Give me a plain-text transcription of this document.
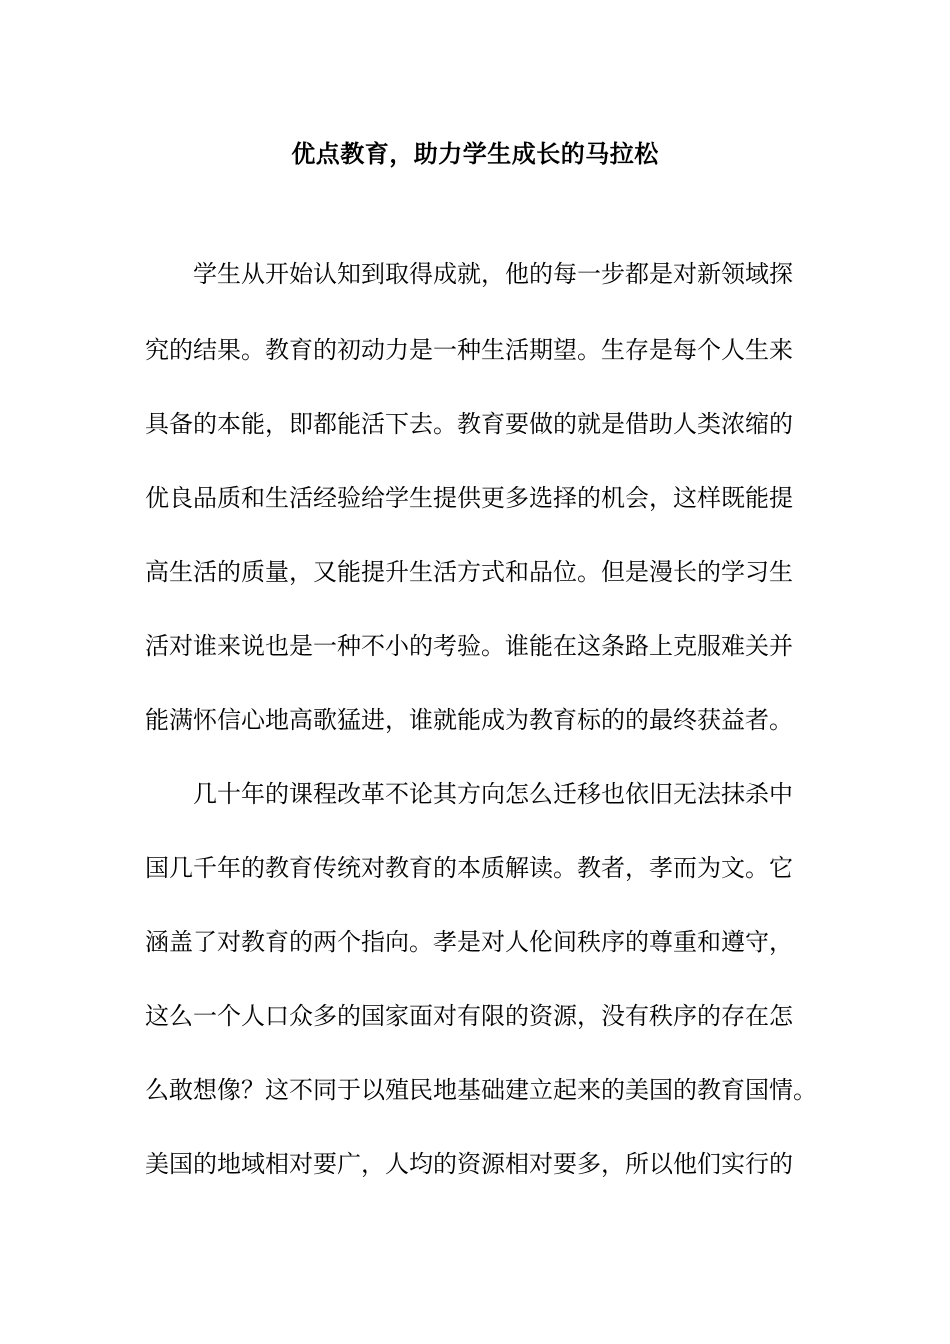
优点教育，助力学生成长的马拉松
学生从开始认知到取得成就，他的每一步都是对新领域探
究的结果。教育的初动力是一种生活期望。生存是每个人生来
具备的本能，即都能活下去。教育要做的就是借助人类浓缩的
优良品质和生活经验给学生提供更多选择的机会，这样既能提
高生活的质量，又能提升生活方式和品位。但是漫长的学习生
活对谁来说也是一种不小的考验。谁能在这条路上克服难关并
能满怀信心地高歌猛进，谁就能成为教育标的的最终获益者。
几十年的课程改革不论其方向怎么迁移也依旧无法抹杀中
国几千年的教育传统对教育的本质解读。教者，孝而为文。它
涵盖了对教育的两个指向。孝是对人伦间秩序的尊重和遵守，
这么一个人口众多的国家面对有限的资源，没有秩序的存在怎
么敢想像？这不同于以殖民地基础建立起来的美国的教育国情。
美国的地域相对要广，人均的资源相对要多，所以他们实行的
